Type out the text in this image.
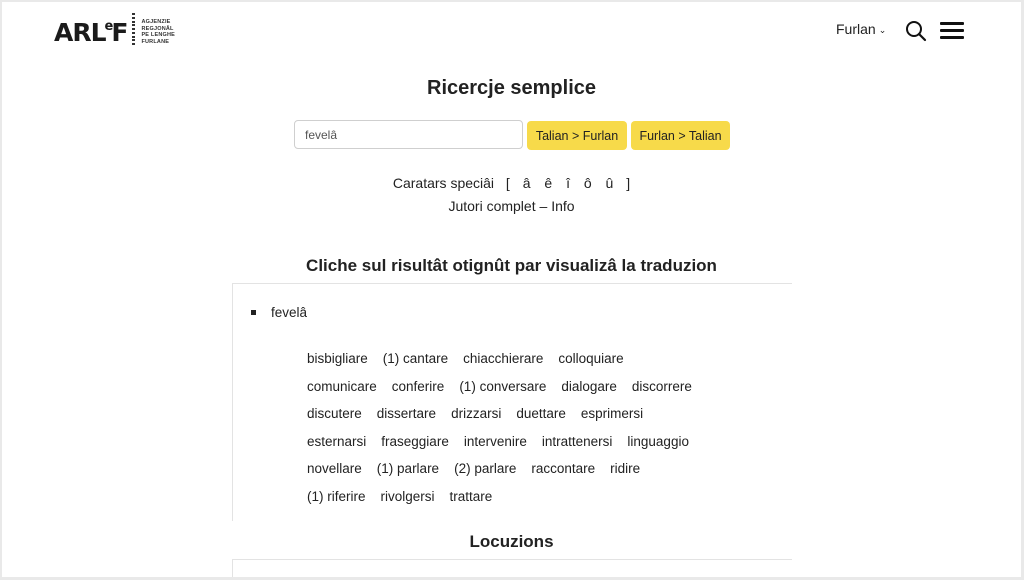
ARL$^e$F	AGJENZIE
REGJONÂL
PE LENGHE
FURLANE
Furlan ⌄
Ricercje semplice
fevelâ
Talian > Furlan	Furlan > Talian
Caratars speciâi [ â ê î ô û ]
Jutori complet – Info
Cliche sul risultât otignût par visualizâ la traduzion
fevelâ
bisbigliare (1) cantare chiacchierare colloquiare
comunicare conferire (1) conversare dialogare discorrere
discutere dissertare drizzarsi duettare esprimersi
esternarsi fraseggiare intervenire intrattenersi linguaggio
novellare (1) parlare (2) parlare raccontare ridire
(1) riferire rivolgersi trattare
Locuzions
